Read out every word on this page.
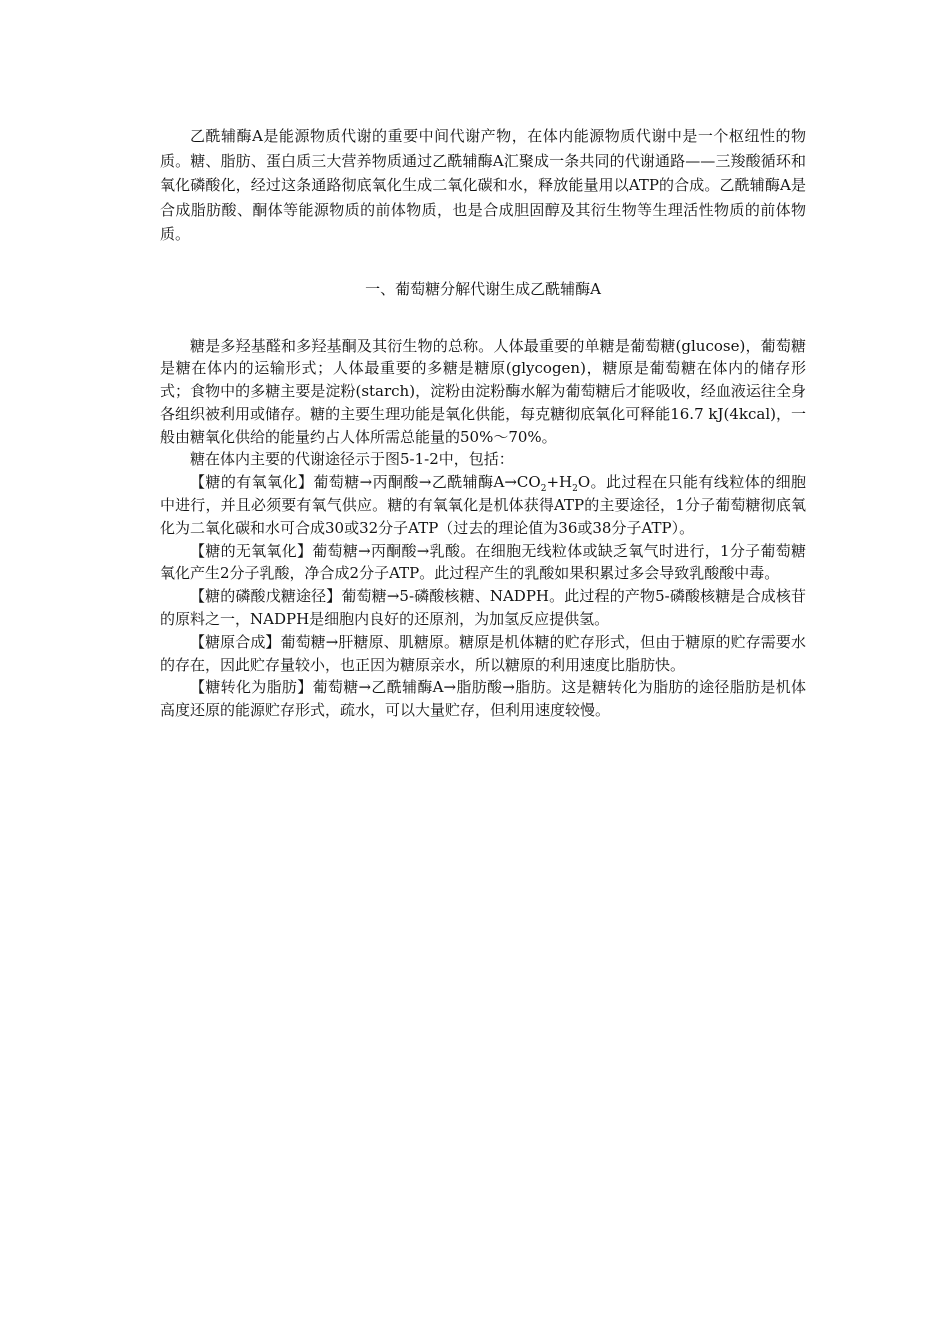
乙酰辅酶A是能源物质代谢的重要中间代谢产物，在体内能源物质代谢中是一个枢纽性的物质。糖、脂肪、蛋白质三大营养物质通过乙酰辅酶A汇聚成一条共同的代谢通路——三羧酸循环和氧化磷酸化，经过这条通路彻底氧化生成二氧化碳和水，释放能量用以ATP的合成。乙酰辅酶A是合成脂肪酸、酮体等能源物质的前体物质，也是合成胆固醇及其衍生物等生理活性物质的前体物质。

一、葡萄糖分解代谢生成乙酰辅酶A

糖是多羟基醛和多羟基酮及其衍生物的总称。人体最重要的单糖是葡萄糖(glucose)，葡萄糖是糖在体内的运输形式；人体最重要的多糖是糖原(glycogen)，糖原是葡萄糖在体内的储存形式；食物中的多糖主要是淀粉(starch)，淀粉由淀粉酶水解为葡萄糖后才能吸收，经血液运往全身各组织被利用或储存。糖的主要生理功能是氧化供能，每克糖彻底氧化可释能16.7 kJ(4kcal)，一般由糖氧化供给的能量约占人体所需总能量的50%～70%。

糖在体内主要的代谢途径示于图5-1-2中，包括：

【糖的有氧氧化】葡萄糖→丙酮酸→乙酰辅酶$A\to CO_2+H_2O$。此过程在只能有线粒体的细胞中进行，并且必须要有氧气供应。糖的有氧氧化是机体获得ATP的主要途径，1分子葡萄糖彻底氧化为二氧化碳和水可合成30或32分子ATP（过去的理论值为36或38分子ATP）。

【糖的无氧氧化】葡萄糖→丙酮酸→乳酸。在细胞无线粒体或缺乏氧气时进行，1分子葡萄糖氧化产生2分子乳酸，净合成2分子ATP。此过程产生的乳酸如果积累过多会导致乳酸酸中毒。

【糖的磷酸戊糖途径】葡萄糖→5-磷酸核糖、NADPH。此过程的产物5-磷酸核糖是合成核苷的原料之一，NADPH是细胞内良好的还原剂，为加氢反应提供氢。

【糖原合成】葡萄糖→肝糖原、肌糖原。糖原是机体糖的贮存形式，但由于糖原的贮存需要水的存在，因此贮存量较小，也正因为糖原亲水，所以糖原的利用速度比脂肪快。

【糖转化为脂肪】葡萄糖→乙酰辅酶A→脂肪酸→脂肪。这是糖转化为脂肪的途径脂肪是机体高度还原的能源贮存形式，疏水，可以大量贮存，但利用速度较慢。
